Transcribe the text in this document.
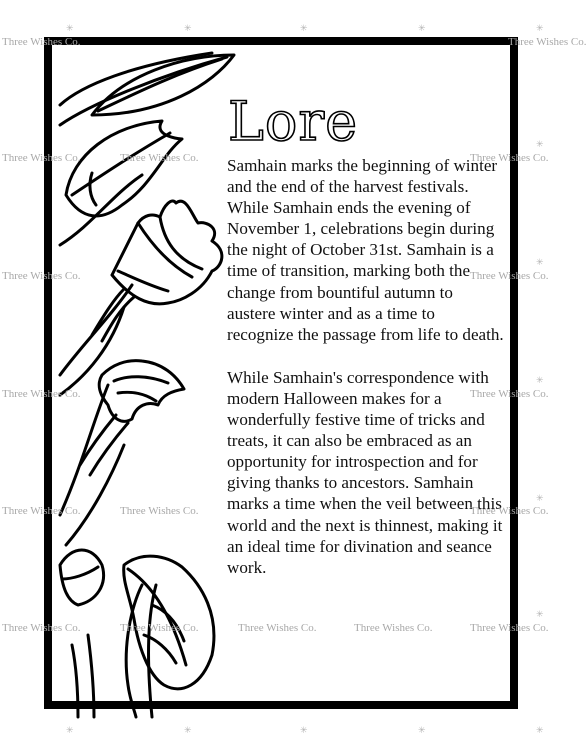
Lore

Samhain marks the beginning of winter and the end of the harvest festivals. While Samhain ends the evening of November 1, celebrations begin during the night of October 31st. Samhain is a time of transition, marking both the change from bountiful autumn to austere winter and as a time to recognize the passage from life to death.

While Samhain's correspondence with modern Halloween makes for a wonderfully festive time of tricks and treats, it can also be embraced as an opportunity for introspection and for giving thanks to ancestors. Samhain marks a time when the veil between this world and the next is thinnest, making it an ideal time for divination and seance work.

Three Wishes Co.	Three Wishes Co.
Three Wishes Co.	Three Wishes Co.	Three Wishes Co.
Three Wishes Co.	Three Wishes Co.
Three Wishes Co.	Three Wishes Co.
Three Wishes Co.	Three Wishes Co.	Three Wishes Co.
Three Wishes Co.	Three Wishes Co.	Three Wishes Co.	Three Wishes Co.	Three Wishes Co.
✳	✳	✳	✳	✳
✳
✳
✳
✳
✳
✳	✳	✳	✳	✳
